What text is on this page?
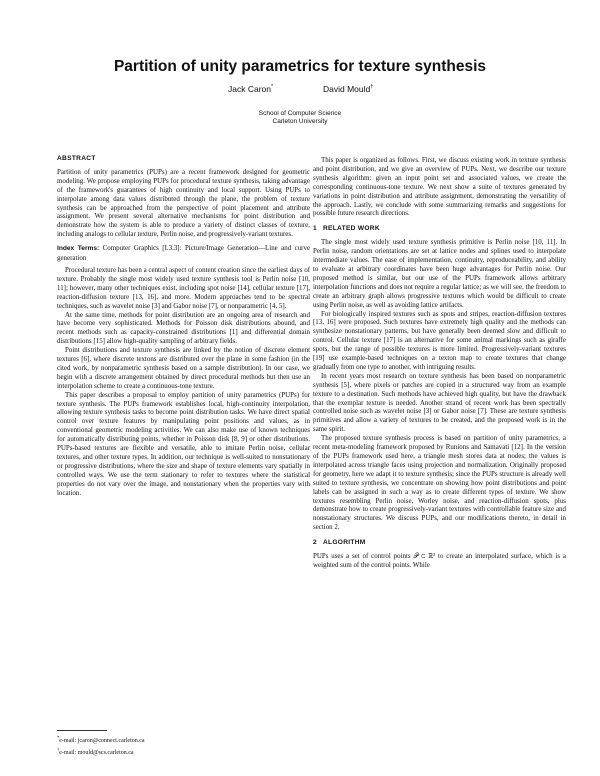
Partition of unity parametrics for texture synthesis
Jack Caron*	David Mould†
School of Computer Science
Carleton University
ABSTRACT

Partition of unity parametrics (PUPs) are a recent framework designed for geometric modeling. We propose employing PUPs for procedural texture synthesis, taking advantage of the framework's guarantees of high continuity and local support. Using PUPs to interpolate among data values distributed through the plane, the problem of texture synthesis can be approached from the perspective of point placement and attribute assignment. We present several alternative mechanisms for point distribution and demonstrate how the system is able to produce a variety of distinct classes of texture, including analogs to cellular texture, Perlin noise, and progressively-variant textures.

Index Terms: Computer Graphics [I.3.3]: Picture/Image Generation—Line and curve generation

Procedural texture has been a central aspect of content creation since the earliest days of texture. Probably the single most widely used texture synthesis tool is Perlin noise [10, 11]; however, many other techniques exist, including spot noise [14], cellular texture [17], reaction-diffusion texture [13, 16], and more. Modern approaches tend to be spectral techniques, such as wavelet noise [3] and Gabor noise [7], or nonparametric [4, 5].

At the same time, methods for point distribution are an ongoing area of research and have become very sophisticated. Methods for Poisson disk distributions abound, and recent methods such as capacity-constrained distributions [1] and differential domain distributions [15] allow high-quality sampling of arbitrary fields.

Point distributions and texture synthesis are linked by the notion of discrete element textures [6], where discrete textons are distributed over the plane in some fashion (in the cited work, by nonparametric synthesis based on a sample distribution). In our case, we begin with a discrete arrangement obtained by direct procedural methods but then use an interpolation scheme to create a continuous-tone texture.

This paper describes a proposal to employ partition of unity parametrics (PUPs) for texture synthesis. The PUPs framework establishes local, high-continuity interpolation, allowing texture synthesis tasks to become point distribution tasks. We have direct spatial control over texture features by manipulating point positions and values, as in conventional geometric modeling activities. We can also make use of known techniques for automatically distributing points, whether in Poisson disk [8, 9] or other distributions. PUPs-based textures are flexible and versatile, able to imitate Perlin noise, cellular textures, and other texture types. In addition, our technique is well-suited to nonstationary or progressive distributions, where the size and shape of texture elements vary spatially in controlled ways. We use the term stationary to refer to textures where the statistical properties do not vary over the image, and nonstationary when the properties vary with location.

*e-mail: jcaron@connect.carleton.ca
†e-mail: mould@scs.carleton.ca

This paper is organized as follows. First, we discuss existing work in texture synthesis and point distribution, and we give an overview of PUPs. Next, we describe our texture synthesis algorithm: given an input point set and associated values, we create the corresponding continuous-tone texture. We next show a suite of textures generated by variations in point distribution and attribute assignment, demonstrating the versatility of the approach. Lastly, we conclude with some summarizing remarks and suggestions for possible future research directions.

1 RELATED WORK

The single most widely used texture synthesis primitive is Perlin noise [10, 11]. In Perlin noise, random orientations are set at lattice nodes and splines used to interpolate intermediate values. The ease of implementation, continuity, reproduceability, and ability to evaluate at arbitrary coordinates have been huge advantages for Perlin noise. Our proposed method is similar, but our use of the PUPs framework allows arbitrary interpolation functions and does not require a regular lattice; as we will see, the freedom to create an arbitrary graph allows progressive textures which would be difficult to create using Perlin noise, as well as avoiding lattice artifacts.

For biologically inspired textures such as spots and stripes, reaction-diffusion textures [13, 16] were proposed. Such textures have extremely high quality and the methods can synthesize nonstationary patterns, but have generally been deemed slow and difficult to control. Cellular texture [17] is an alternative for some animal markings such as giraffe spots, but the range of possible textures is more limited. Progressively-variant textures [19] use example-based techniques on a texton map to create textures that change gradually from one type to another, with intriguing results.

In recent years most research on texture synthesis has been based on nonparametric synthesis [5], where pixels or patches are copied in a structured way from an example texture to a destination. Such methods have achieved high quality, but have the drawback that the exemplar texture is needed. Another strand of recent work has been spectrally controlled noise such as wavelet noise [3] or Gabor noise [7]. These are texture synthesis primitives and allow a variety of textures to be created, and the proposed work is in the same spirit.

The proposed texture synthesis process is based on partition of unity parametrics, a recent meta-modeling framework proposed by Runions and Samavati [12]. In the version of the PUPs framework used here, a triangle mesh stores data at nodes; the values is interpolated across triangle faces using projection and normalization. Originally proposed for geometry, here we adapt it to texture synthesis; since the PUPs structure is already well suited to texture synthesis, we concentrate on showing how point distributions and point labels can be assigned in such a way as to create different types of texture. We show textures resembling Perlin noise, Worley noise, and reaction-diffusion spots, plus demonstrate how to create progressively-variant textures with controllable feature size and nonstationary structures. We discuss PUPs, and our modifications thereto, in detail in section 2.

2 ALGORITHM

PUPs uses a set of control points 𝒫 ⊂ ℝ³ to create an interpolated surface, which is a weighted sum of the control points. While
